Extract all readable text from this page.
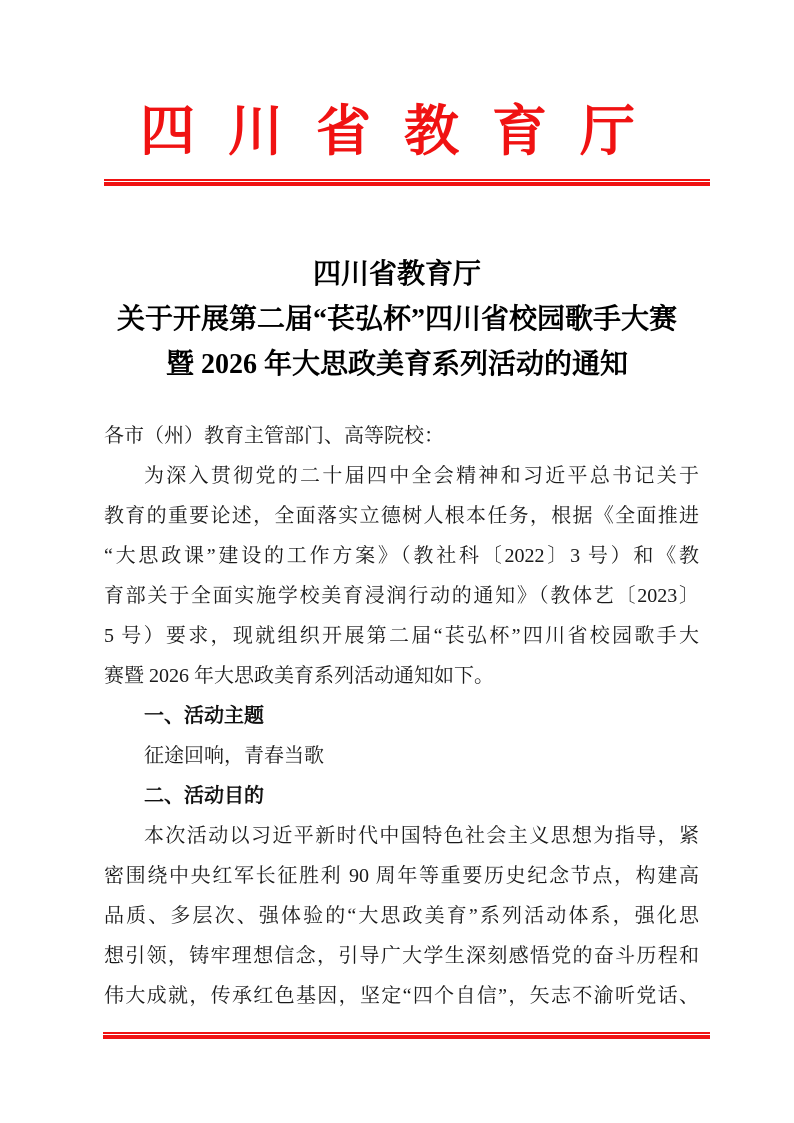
四川省教育厅
四川省教育厅
关于开展第二届“苌弘杯”四川省校园歌手大赛
暨 2026 年大思政美育系列活动的通知
各市（州）教育主管部门、高等院校：
为深入贯彻党的二十届四中全会精神和习近平总书记关于
教育的重要论述，全面落实立德树人根本任务，根据《全面推进
“大思政课”建设的工作方案》（教社科〔2022〕3 号）和《教
育部关于全面实施学校美育浸润行动的通知》（教体艺〔2023〕
5 号）要求，现就组织开展第二届“苌弘杯”四川省校园歌手大
赛暨 2026 年大思政美育系列活动通知如下。
一、活动主题
征途回响，青春当歌
二、活动目的
本次活动以习近平新时代中国特色社会主义思想为指导，紧
密围绕中央红军长征胜利 90 周年等重要历史纪念节点，构建高
品质、多层次、强体验的“大思政美育”系列活动体系，强化思
想引领，铸牢理想信念，引导广大学生深刻感悟党的奋斗历程和
伟大成就，传承红色基因，坚定“四个自信”，矢志不渝听党话、
